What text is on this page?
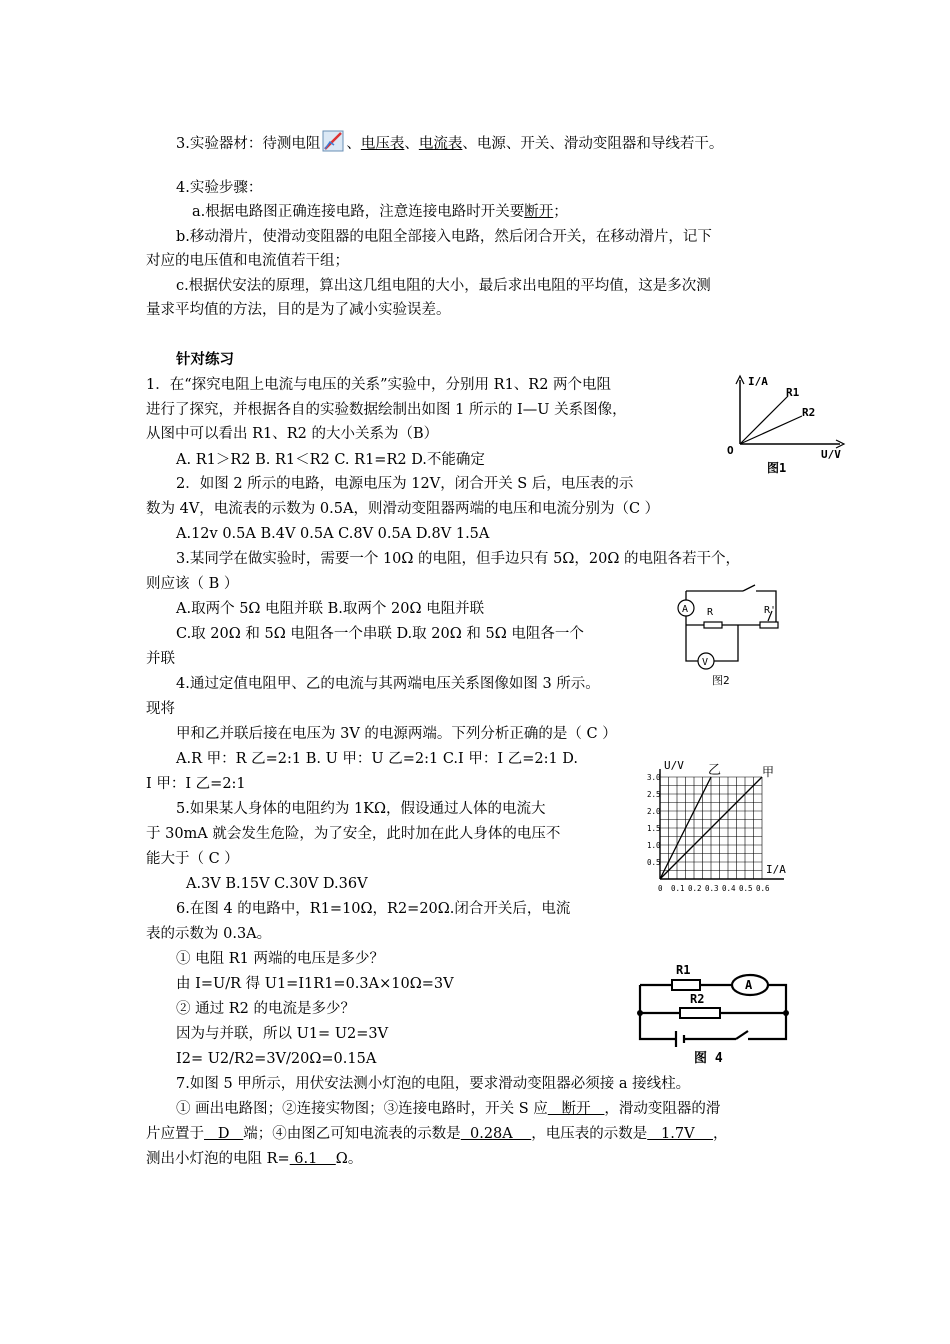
3.实验器材：待测电阻 、电压表、电流表、电源、开关、滑动变阻器和导线若干。
4.实验步骤：
a.根据电路图正确连接电路，注意连接电路时开关要断开；
b.移动滑片，使滑动变阻器的电阻全部接入电路，然后闭合开关，在移动滑片，记下
对应的电压值和电流值若干组；
c.根据伏安法的原理，算出这几组电阻的大小，最后求出电阻的平均值，这是多次测
量求平均值的方法，目的是为了减小实验误差。
针对练习
1．在“探究电阻上电流与电压的关系”实验中，分别用 R1、R2 两个电阻
进行了探究，并根据各自的实验数据绘制出如图 1 所示的 I—U 关系图像，
从图中可以看出 R1、R2 的大小关系为（B）
A. R1＞R2 B. R1＜R2 C. R1=R2 D.不能确定
2．如图 2 所示的电路，电源电压为 12V，闭合开关 S 后，电压表的示
数为 4V，电流表的示数为 0.5A，则滑动变阻器两端的电压和电流分别为（C ）
A.12v 0.5A B.4V 0.5A C.8V 0.5A D.8V 1.5A
3.某同学在做实验时，需要一个 10Ω 的电阻，但手边只有 5Ω，20Ω 的电阻各若干个，
则应该（ B ）
A.取两个 5Ω 电阻并联 B.取两个 20Ω 电阻并联
C.取 20Ω 和 5Ω 电阻各一个串联 D.取 20Ω 和 5Ω 电阻各一个
并联
4.通过定值电阻甲、乙的电流与其两端电压关系图像如图 3 所示。
现将
甲和乙并联后接在电压为 3V 的电源两端。下列分析正确的是（ C ）
A.R 甲：R 乙=2:1 B. U 甲：U 乙=2:1 C.I 甲：I 乙=2:1 D.
I 甲：I 乙=2:1
5.如果某人身体的电阻约为 1KΩ，假设通过人体的电流大
于 30mA 就会发生危险，为了安全，此时加在此人身体的电压不
能大于（ C ）
A.3V B.15V C.30V D.36V
6.在图 4 的电路中，R1=10Ω，R2=20Ω.闭合开关后，电流
表的示数为 0.3A。
① 电阻 R1 两端的电压是多少？
由 I=U/R 得 U1=I1R1=0.3A×10Ω=3V
② 通过 R2 的电流是多少？
因为与并联，所以 U1= U2=3V
I2= U2/R2=3V/20Ω=0.15A
7.如图 5 甲所示，用伏安法测小灯泡的电阻，要求滑动变阻器必须接 a 接线柱。
① 画出电路图；②连接实物图；③连接电路时，开关 S 应   断开   ，滑动变阻器的滑
片应置于   D   端；④由图乙可知电流表的示数是  0.28A    ，电压表的示数是   1.7V    ，
测出小灯泡的电阻 R= 6.1    Ω。
I/A
R1
R2
O	U/V
图1
A R	R'
V
图2
3.0
2.5
2.0
1.5
1.0
0.5
0 0.1 0.2 0.3 0.4 0.5 0.6
U/V 乙	甲
I/A
R1
A
R2
图 4
